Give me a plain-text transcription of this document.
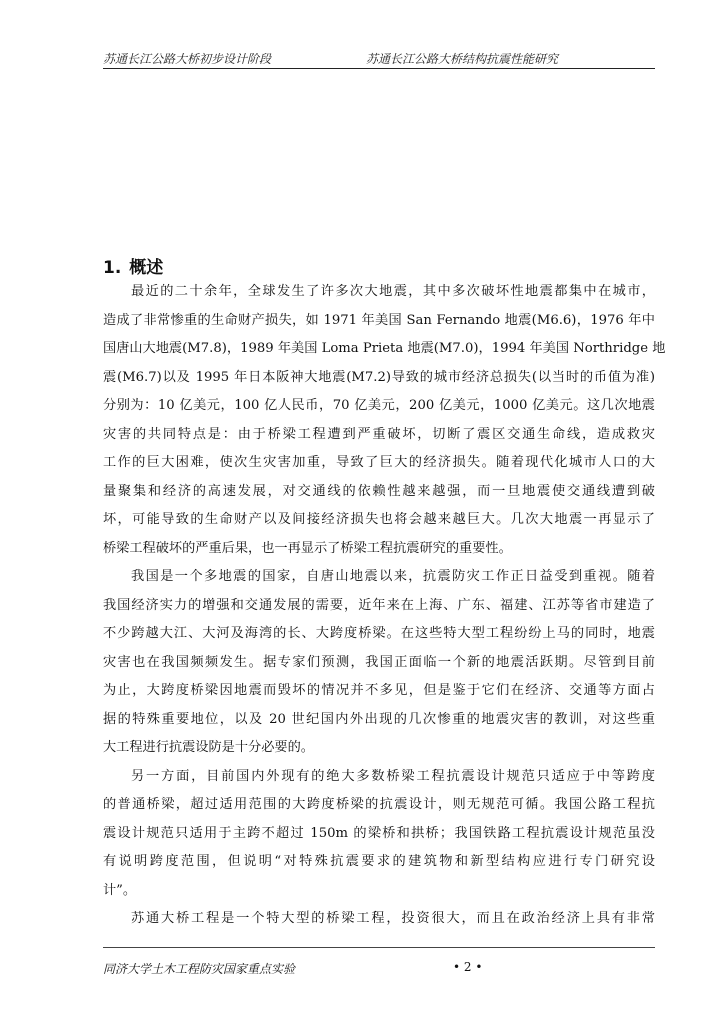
苏通长江公路大桥初步设计阶段	苏通长江公路大桥结构抗震性能研究
1. 概述
最近的二十余年，全球发生了许多次大地震，其中多次破坏性地震都集中在城市，
造成了非常惨重的生命财产损失，如 1971 年美国 San Fernando 地震(M6.6)，1976 年中
国唐山大地震(M7.8)，1989 年美国 Loma Prieta 地震(M7.0)，1994 年美国 Northridge 地
震(M6.7)以及 1995 年日本阪神大地震(M7.2)导致的城市经济总损失(以当时的币值为准)
分别为：10 亿美元，100 亿人民币，70 亿美元，200 亿美元，1000 亿美元。这几次地震
灾害的共同特点是：由于桥梁工程遭到严重破坏，切断了震区交通生命线，造成救灾
工作的巨大困难，使次生灾害加重，导致了巨大的经济损失。随着现代化城市人口的大
量聚集和经济的高速发展，对交通线的依赖性越来越强，而一旦地震使交通线遭到破
坏，可能导致的生命财产以及间接经济损失也将会越来越巨大。几次大地震一再显示了
桥梁工程破坏的严重后果，也一再显示了桥梁工程抗震研究的重要性。
我国是一个多地震的国家，自唐山地震以来，抗震防灾工作正日益受到重视。随着
我国经济实力的增强和交通发展的需要，近年来在上海、广东、福建、江苏等省市建造了
不少跨越大江、大河及海湾的长、大跨度桥梁。在这些特大型工程纷纷上马的同时，地震
灾害也在我国频频发生。据专家们预测，我国正面临一个新的地震活跃期。尽管到目前
为止，大跨度桥梁因地震而毁坏的情况并不多见，但是鉴于它们在经济、交通等方面占
据的特殊重要地位，以及 20 世纪国内外出现的几次惨重的地震灾害的教训，对这些重
大工程进行抗震设防是十分必要的。
另一方面，目前国内外现有的绝大多数桥梁工程抗震设计规范只适应于中等跨度
的普通桥梁，超过适用范围的大跨度桥梁的抗震设计，则无规范可循。我国公路工程抗
震设计规范只适用于主跨不超过 150m 的梁桥和拱桥；我国铁路工程抗震设计规范虽没
有说明跨度范围，但说明“对特殊抗震要求的建筑物和新型结构应进行专门研究设
计”。
苏通大桥工程是一个特大型的桥梁工程，投资很大，而且在政治经济上具有非常
同济大学土木工程防灾国家重点实验	• 2 •
